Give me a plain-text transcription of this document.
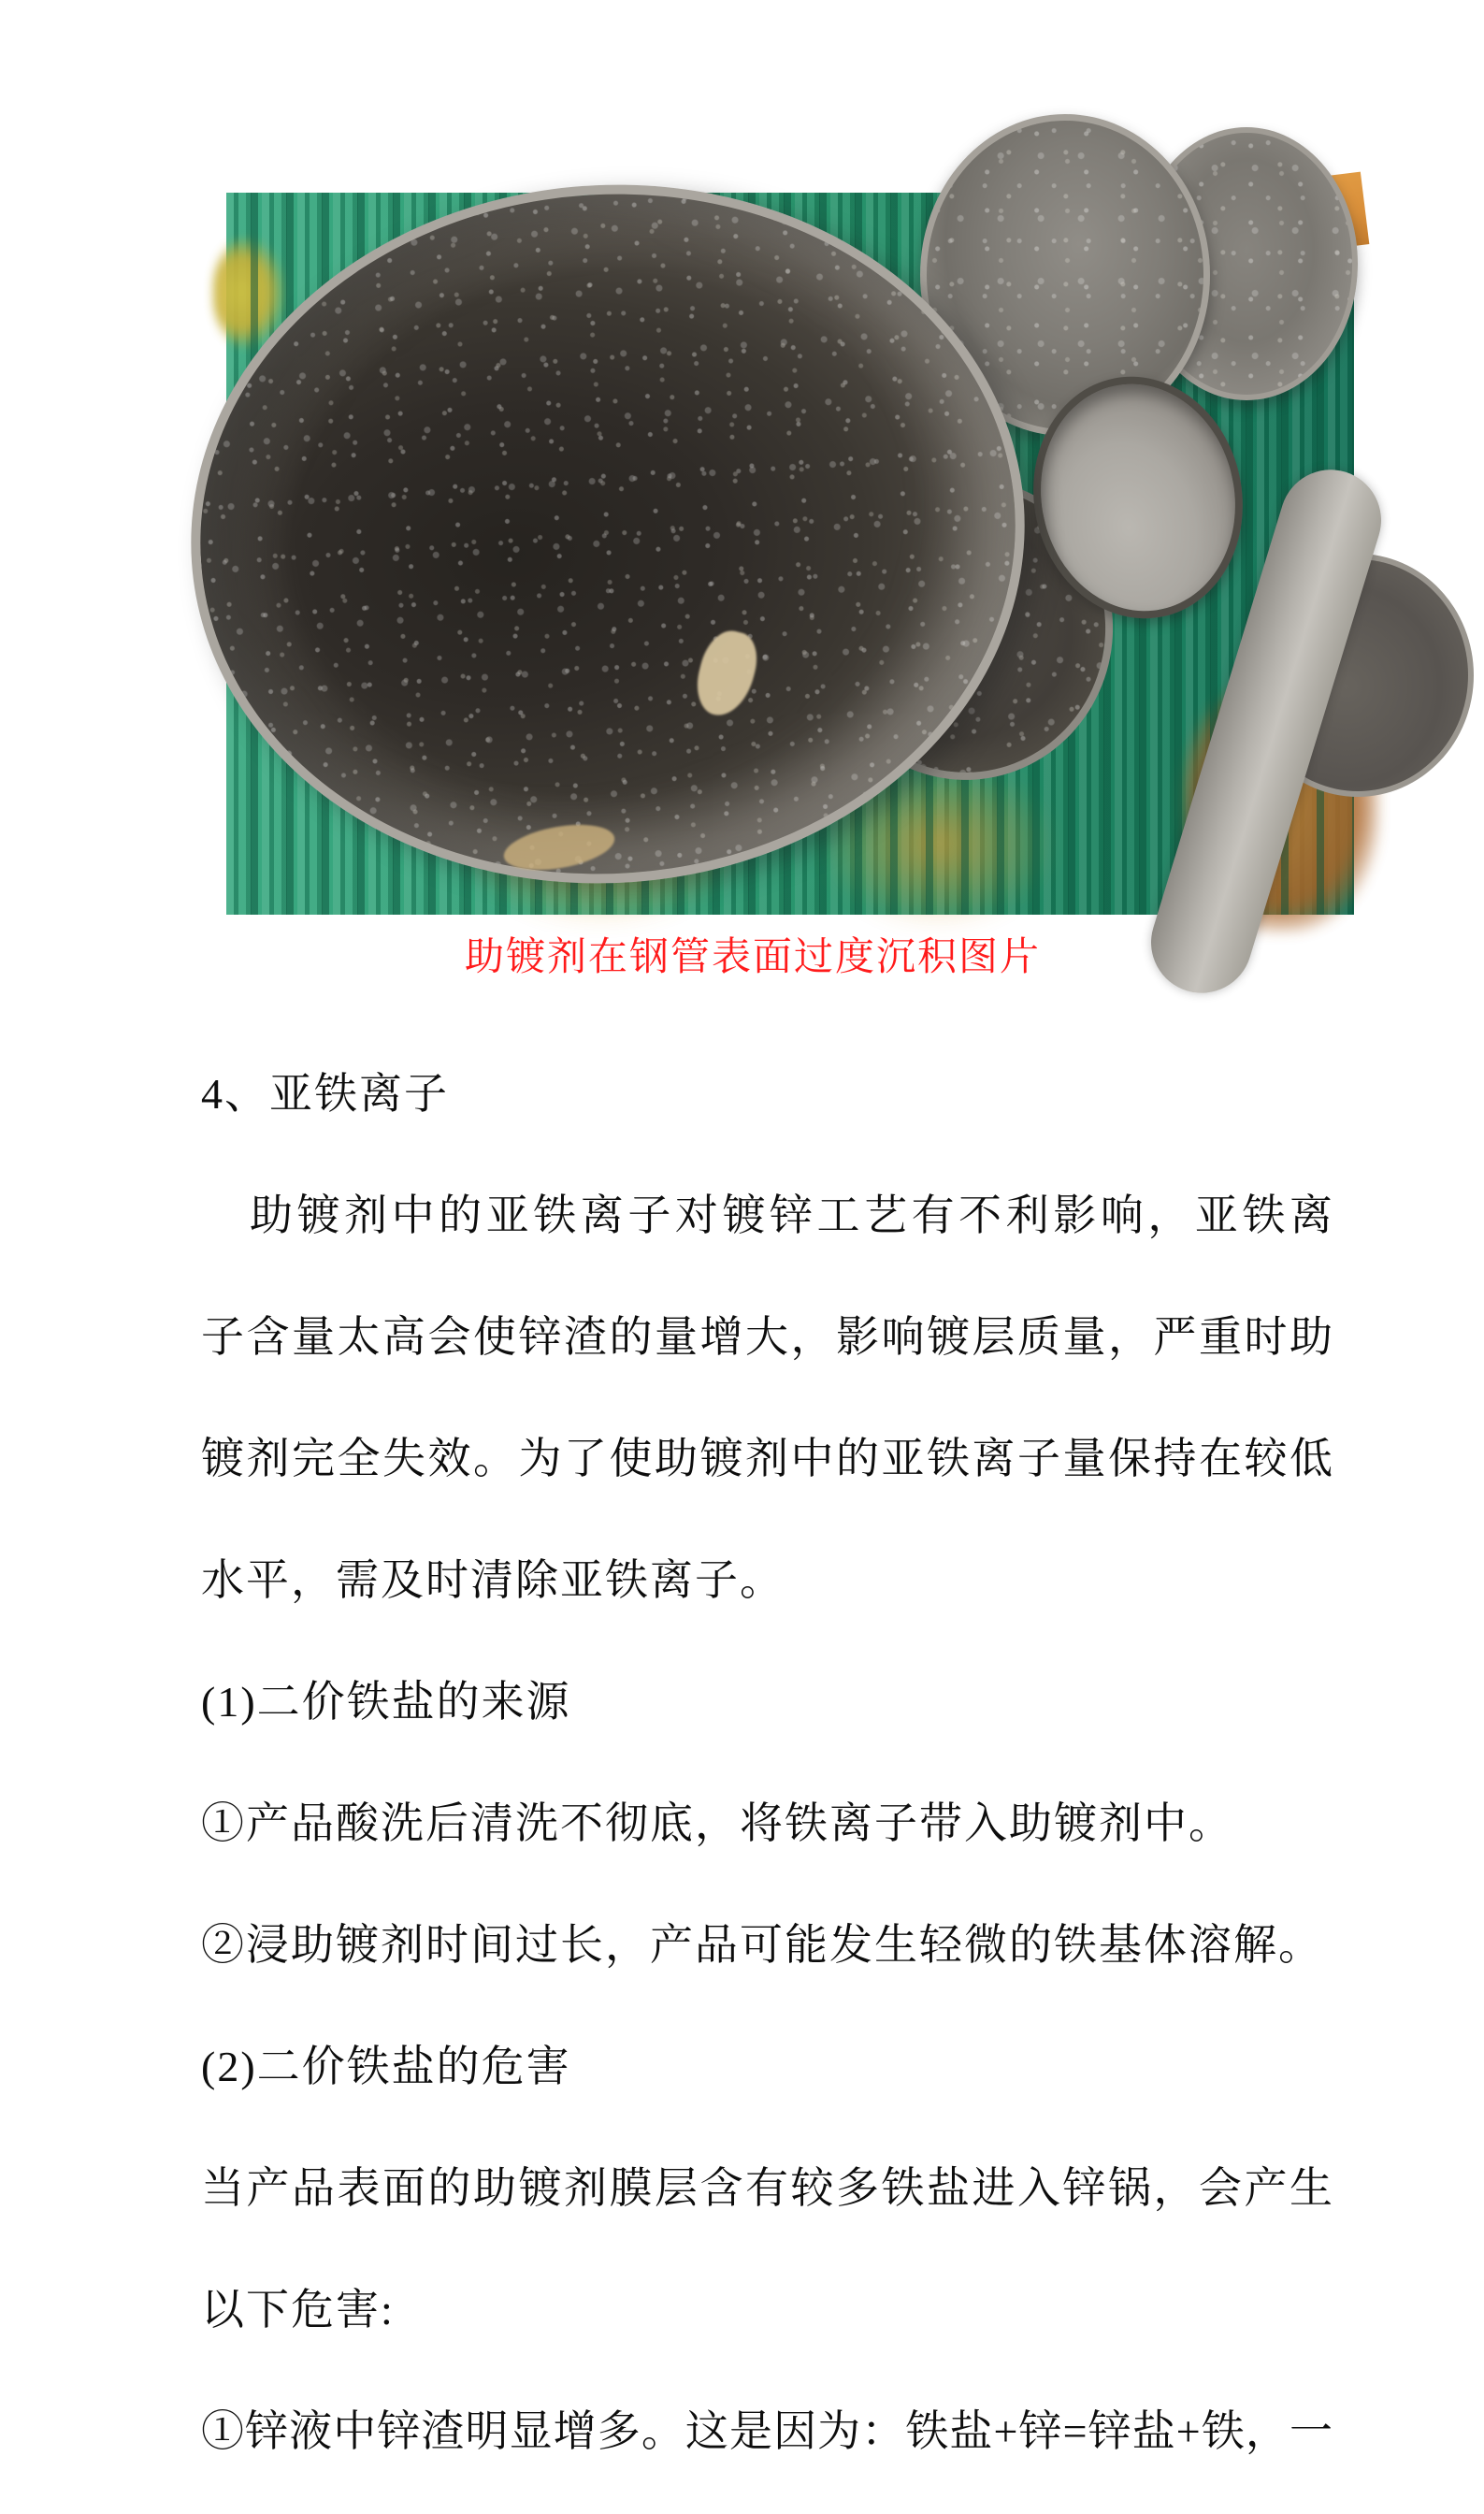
助镀剂在钢管表面过度沉积图片

4、亚铁离子

助镀剂中的亚铁离子对镀锌工艺有不利影响，亚铁离

子含量太高会使锌渣的量增大，影响镀层质量，严重时助

镀剂完全失效。为了使助镀剂中的亚铁离子量保持在较低

水平，需及时清除亚铁离子。

(1)二价铁盐的来源

①产品酸洗后清洗不彻底，将铁离子带入助镀剂中。

②浸助镀剂时间过长，产品可能发生轻微的铁基体溶解。

(2)二价铁盐的危害

当产品表面的助镀剂膜层含有较多铁盐进入锌锅，会产生

以下危害:

①锌液中锌渣明显增多。这是因为：铁盐+锌=锌盐+铁，一
